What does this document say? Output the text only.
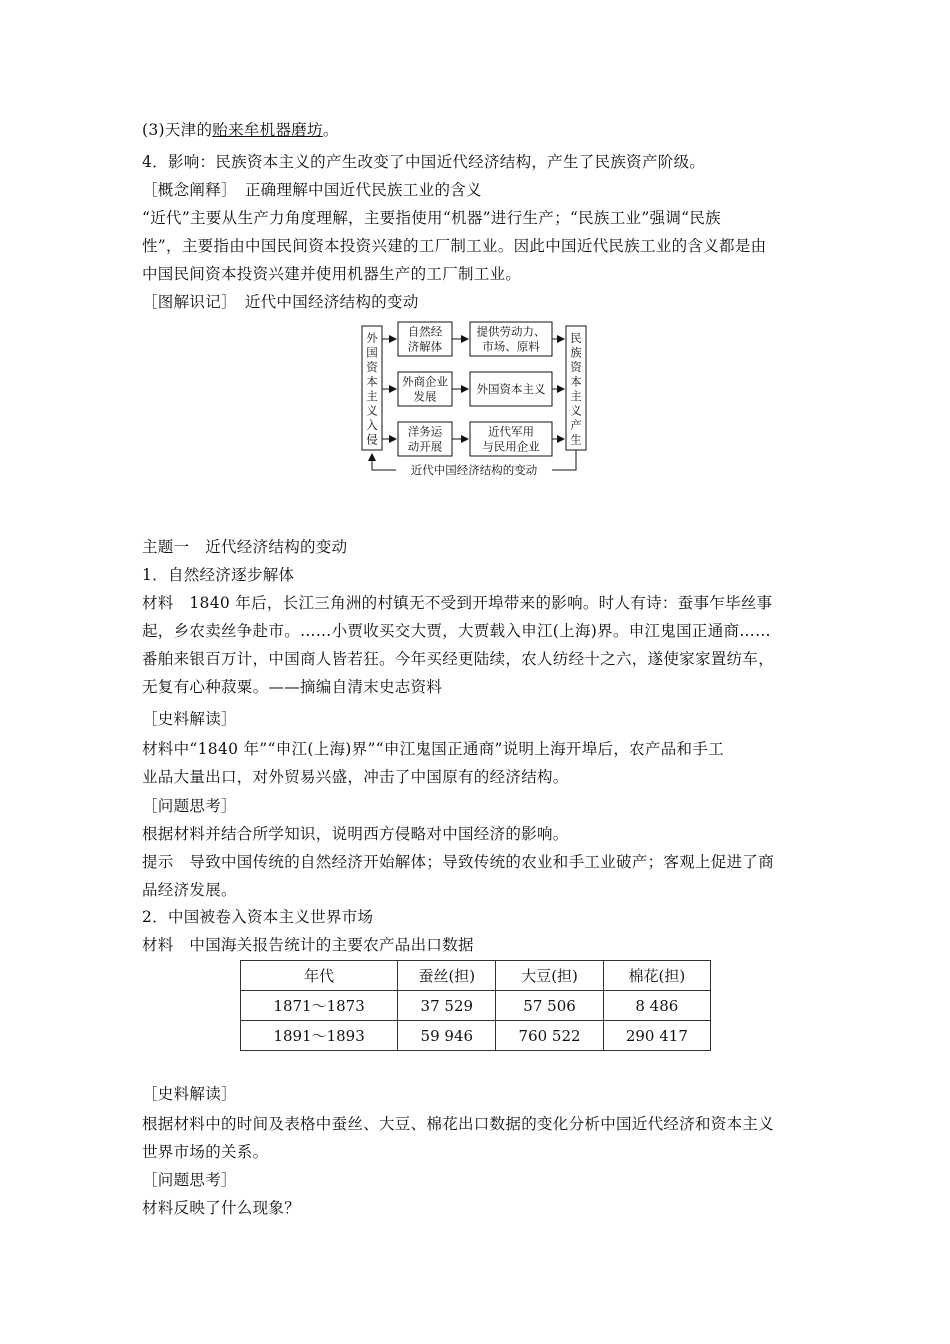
(3)天津的贻来牟机器磨坊。
4．影响：民族资本主义的产生改变了中国近代经济结构，产生了民族资产阶级。
［概念阐释］　正确理解中国近代民族工业的含义
“近代”主要从生产力角度理解，主要指使用“机器”进行生产；“民族工业”强调“民族
性”，主要指由中国民间资本投资兴建的工厂制工业。因此中国近代民族工业的含义都是由
中国民间资本投资兴建并使用机器生产的工厂制工业。
［图解识记］　近代中国经济结构的变动
主题一　近代经济结构的变动
1．自然经济逐步解体
材料　1840 年后，长江三角洲的村镇无不受到开埠带来的影响。时人有诗：蚕事乍毕丝事
起，乡农卖丝争赴市。……小贾收买交大贾，大贾载入申江(上海)界。申江鬼国正通商……
番舶来银百万计，中国商人皆若狂。今年买经更陆续，农人纺经十之六，遂使家家置纺车，
无复有心种菽粟。——摘编自清末史志资料
［史料解读］
材料中“1840 年”“申江(上海)界”“申江鬼国正通商”说明上海开埠后，农产品和手工
业品大量出口，对外贸易兴盛，冲击了中国原有的经济结构。
［问题思考］
根据材料并结合所学知识，说明西方侵略对中国经济的影响。
提示　导致中国传统的自然经济开始解体；导致传统的农业和手工业破产；客观上促进了商
品经济发展。
2．中国被卷入资本主义世界市场
材料　中国海关报告统计的主要农产品出口数据
［史料解读］
根据材料中的时间及表格中蚕丝、大豆、棉花出口数据的变化分析中国近代经济和资本主义
世界市场的关系。
［问题思考］
材料反映了什么现象？
外国资本主义入侵
民族资本主义产生
自然经济解体
提供劳动力、市场、原料
外商企业发展
外国资本主义
洋务运动开展
近代军用与民用企业
近代中国经济结构的变动
年代	蚕丝(担)	大豆(担)	棉花(担)
1871～1873	37 529	57 506	8 486
1891～1893	59 946	760 522	290 417
